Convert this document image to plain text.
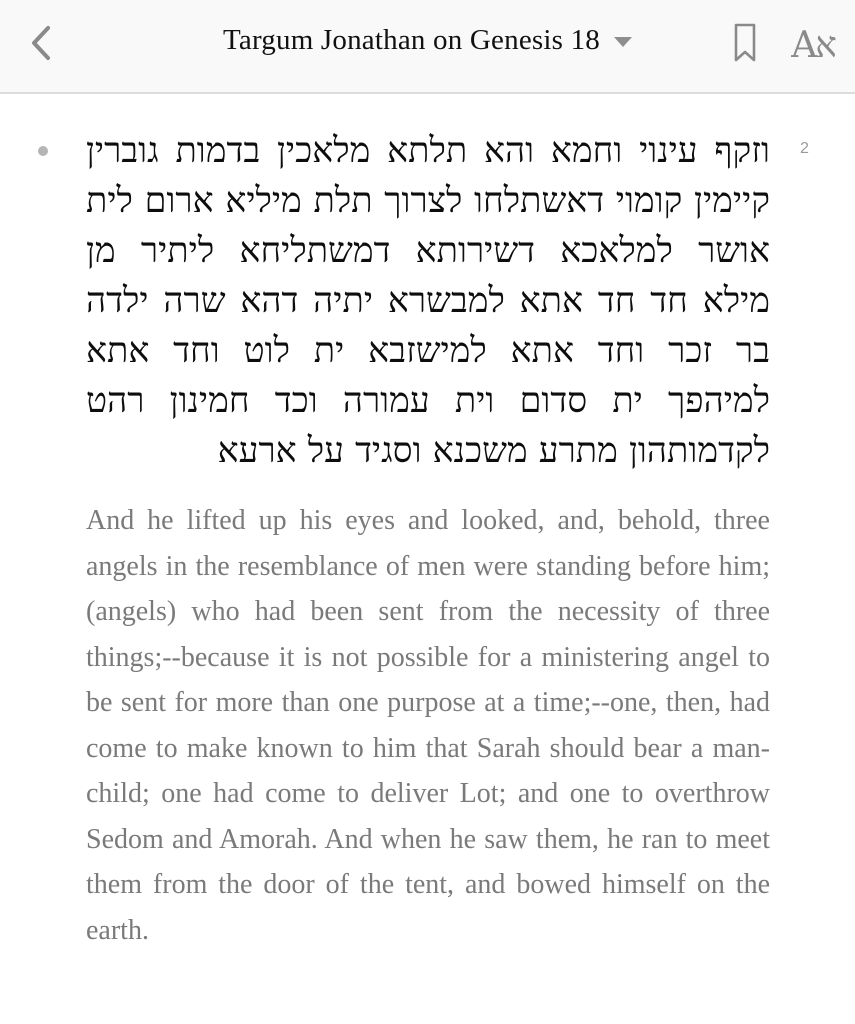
Targum Jonathan on Genesis 18	Aא
2

וזקף עינוי וחמא והא תלתא מלאכין בדמות גוברין קיימין קומוי דאשתלחו לצרוך תלת מיליא ארום לית אושר למלאכא דשירותא דמשתליחא ליתיר מן מילא חד חד אתא למבשרא יתיה דהא שרה ילדה בר זכר וחד אתא למישזבא ית לוט וחד אתא למיהפך ית סדום וית עמורה וכד חמינון רהט לקדמותהון מתרע משכנא וסגיד על ארעא

And he lifted up his eyes and looked, and, behold, three angels in the resemblance of men were standing before him; (angels) who had been sent from the necessity of three things;--because it is not possible for a ministering angel to be sent for more than one purpose at a time;--one, then, had come to make known to him that Sarah should bear a man-child; one had come to deliver Lot; and one to overthrow Sedom and Amorah. And when he saw them, he ran to meet them from the door of the tent, and bowed himself on the earth.
